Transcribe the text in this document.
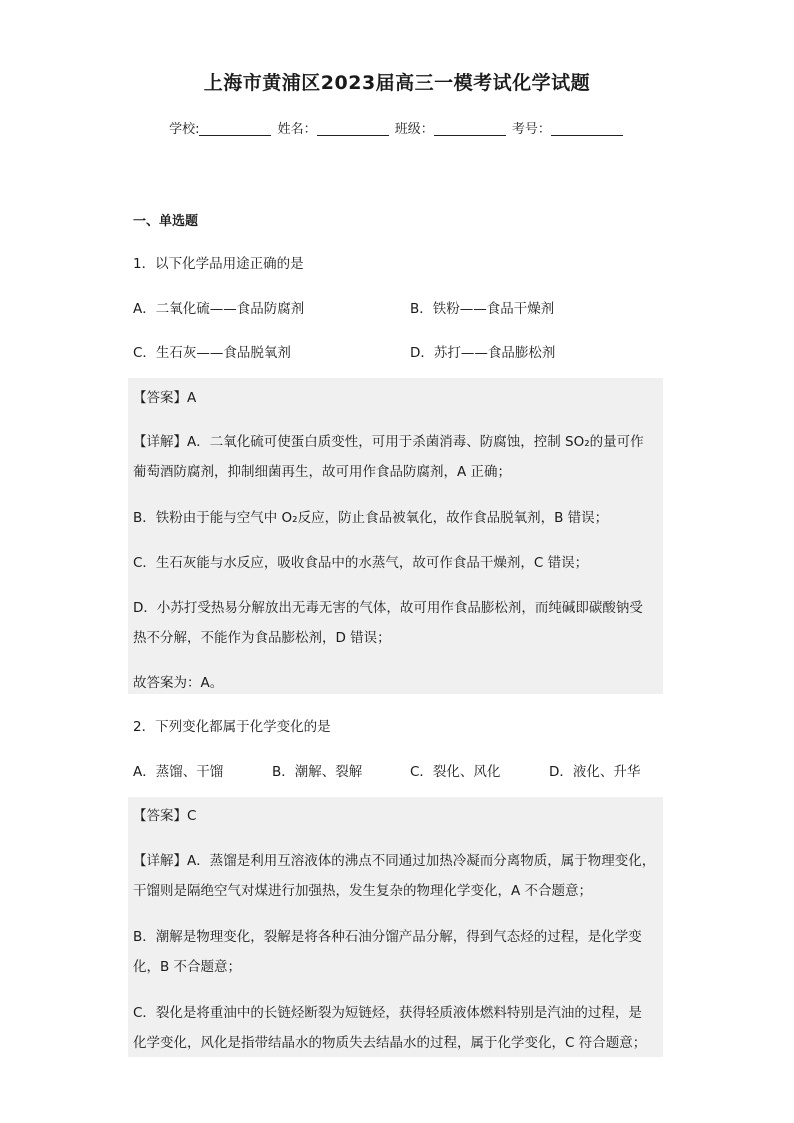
上海市黄浦区2023届高三一模考试化学试题
学校:	姓名：	班级：	考号：
一、单选题
1．以下化学品用途正确的是
A．二氧化硫——食品防腐剂	B．铁粉——食品干燥剂
C．生石灰——食品脱氧剂	D．苏打——食品膨松剂
【答案】A
【详解】A．二氧化硫可使蛋白质变性，可用于杀菌消毒、防腐蚀，控制 SO₂的量可作
葡萄酒防腐剂，抑制细菌再生，故可用作食品防腐剂，A 正确；
B．铁粉由于能与空气中 O₂反应，防止食品被氧化，故作食品脱氧剂，B 错误；
C．生石灰能与水反应，吸收食品中的水蒸气，故可作食品干燥剂，C 错误；
D．小苏打受热易分解放出无毒无害的气体，故可用作食品膨松剂，而纯碱即碳酸钠受
热不分解，不能作为食品膨松剂，D 错误；
故答案为：A。
2．下列变化都属于化学变化的是
A．蒸馏、干馏	B．潮解、裂解	C．裂化、风化	D．液化、升华
【答案】C
【详解】A．蒸馏是利用互溶液体的沸点不同通过加热冷凝而分离物质，属于物理变化，
干馏则是隔绝空气对煤进行加强热，发生复杂的物理化学变化，A 不合题意；
B．潮解是物理变化，裂解是将各种石油分馏产品分解，得到气态烃的过程，是化学变
化，B 不合题意；
C．裂化是将重油中的长链烃断裂为短链烃，获得轻质液体燃料特别是汽油的过程，是
化学变化，风化是指带结晶水的物质失去结晶水的过程，属于化学变化，C 符合题意；
